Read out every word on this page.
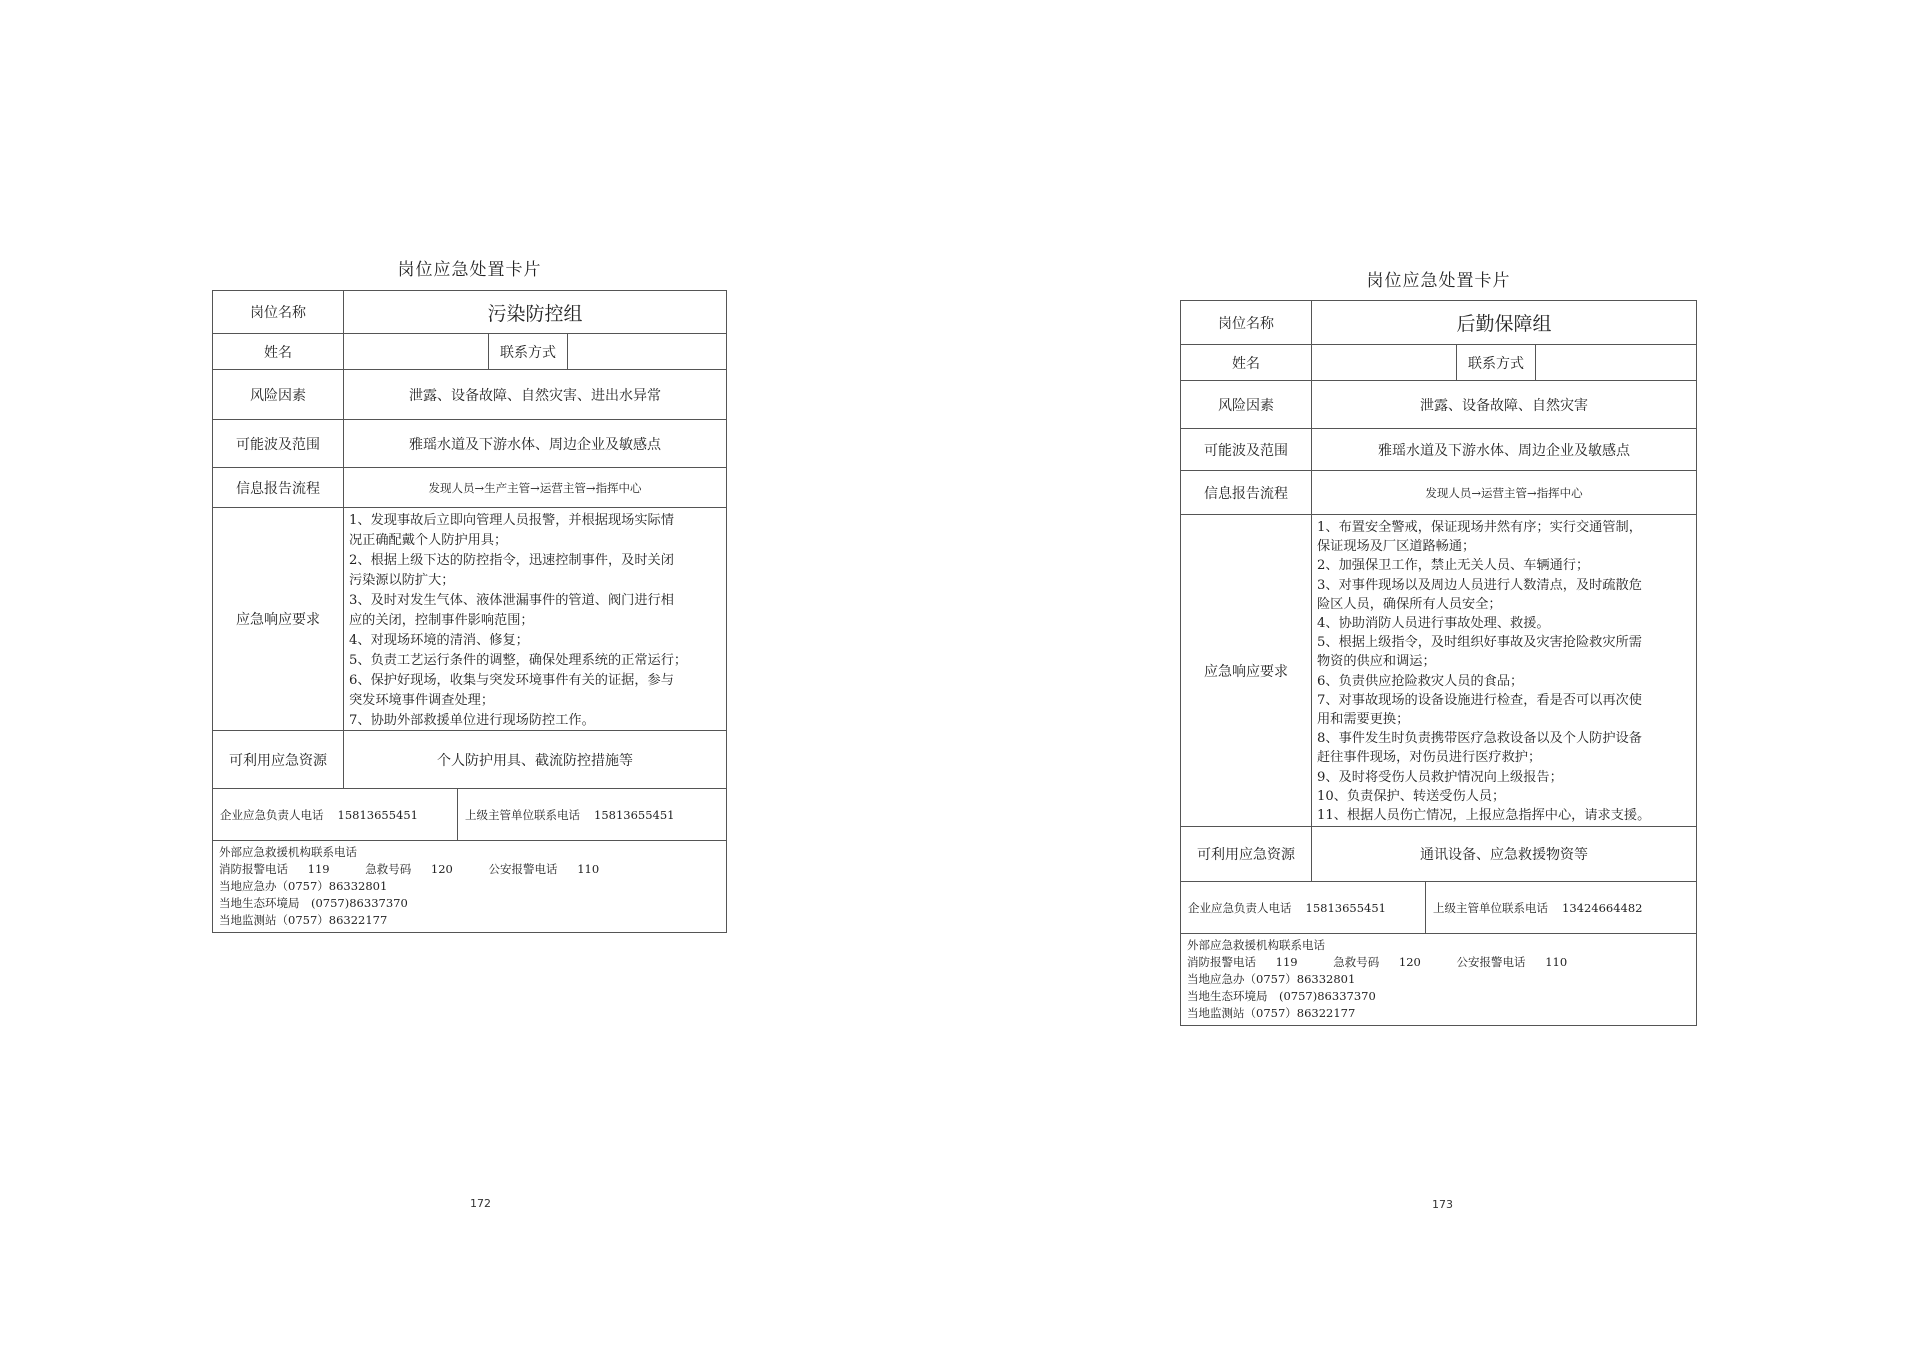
岗位应急处置卡片
岗位名称	污染防控组
姓名	联系方式
风险因素	泄露、设备故障、自然灾害、进出水异常
可能波及范围	雅瑶水道及下游水体、周边企业及敏感点
信息报告流程	发现人员→生产主管→运营主管→指挥中心
应急响应要求
1、发现事故后立即向管理人员报警，并根据现场实际情
况正确配戴个人防护用具；
2、根据上级下达的防控指令，迅速控制事件，及时关闭
污染源以防扩大；
3、及时对发生气体、液体泄漏事件的管道、阀门进行相
应的关闭，控制事件影响范围；
4、对现场环境的清消、修复；
5、负责工艺运行条件的调整，确保处理系统的正常运行；
6、保护好现场，收集与突发环境事件有关的证据，参与
突发环境事件调查处理；
7、协助外部救援单位进行现场防控工作。
可利用应急资源	个人防护用具、截流防控措施等
企业应急负责人电话 15813655451	上级主管单位联系电话 15813655451
外部应急救援机构联系电话
消防报警电话 119	急救号码 120	公安报警电话 110
当地应急办（0757）86332801
当地生态环境局　(0757)86337370
当地监测站（0757）86322177
172
岗位应急处置卡片
岗位名称	后勤保障组
姓名	联系方式
风险因素	泄露、设备故障、自然灾害
可能波及范围	雅瑶水道及下游水体、周边企业及敏感点
信息报告流程	发现人员→运营主管→指挥中心
应急响应要求
1、布置安全警戒，保证现场井然有序；实行交通管制，
保证现场及厂区道路畅通；
2、加强保卫工作，禁止无关人员、车辆通行；
3、对事件现场以及周边人员进行人数清点，及时疏散危
险区人员，确保所有人员安全；
4、协助消防人员进行事故处理、救援。
5、根据上级指令，及时组织好事故及灾害抢险救灾所需
物资的供应和调运；
6、负责供应抢险救灾人员的食品；
7、对事故现场的设备设施进行检查，看是否可以再次使
用和需要更换；
8、事件发生时负责携带医疗急救设备以及个人防护设备
赶往事件现场，对伤员进行医疗救护；
9、及时将受伤人员救护情况向上级报告；
10、负责保护、转送受伤人员；
11、根据人员伤亡情况，上报应急指挥中心，请求支援。
可利用应急资源	通讯设备、应急救援物资等
企业应急负责人电话 15813655451	上级主管单位联系电话 13424664482
外部应急救援机构联系电话
消防报警电话 119	急救号码 120	公安报警电话 110
当地应急办（0757）86332801
当地生态环境局　(0757)86337370
当地监测站（0757）86322177
173
